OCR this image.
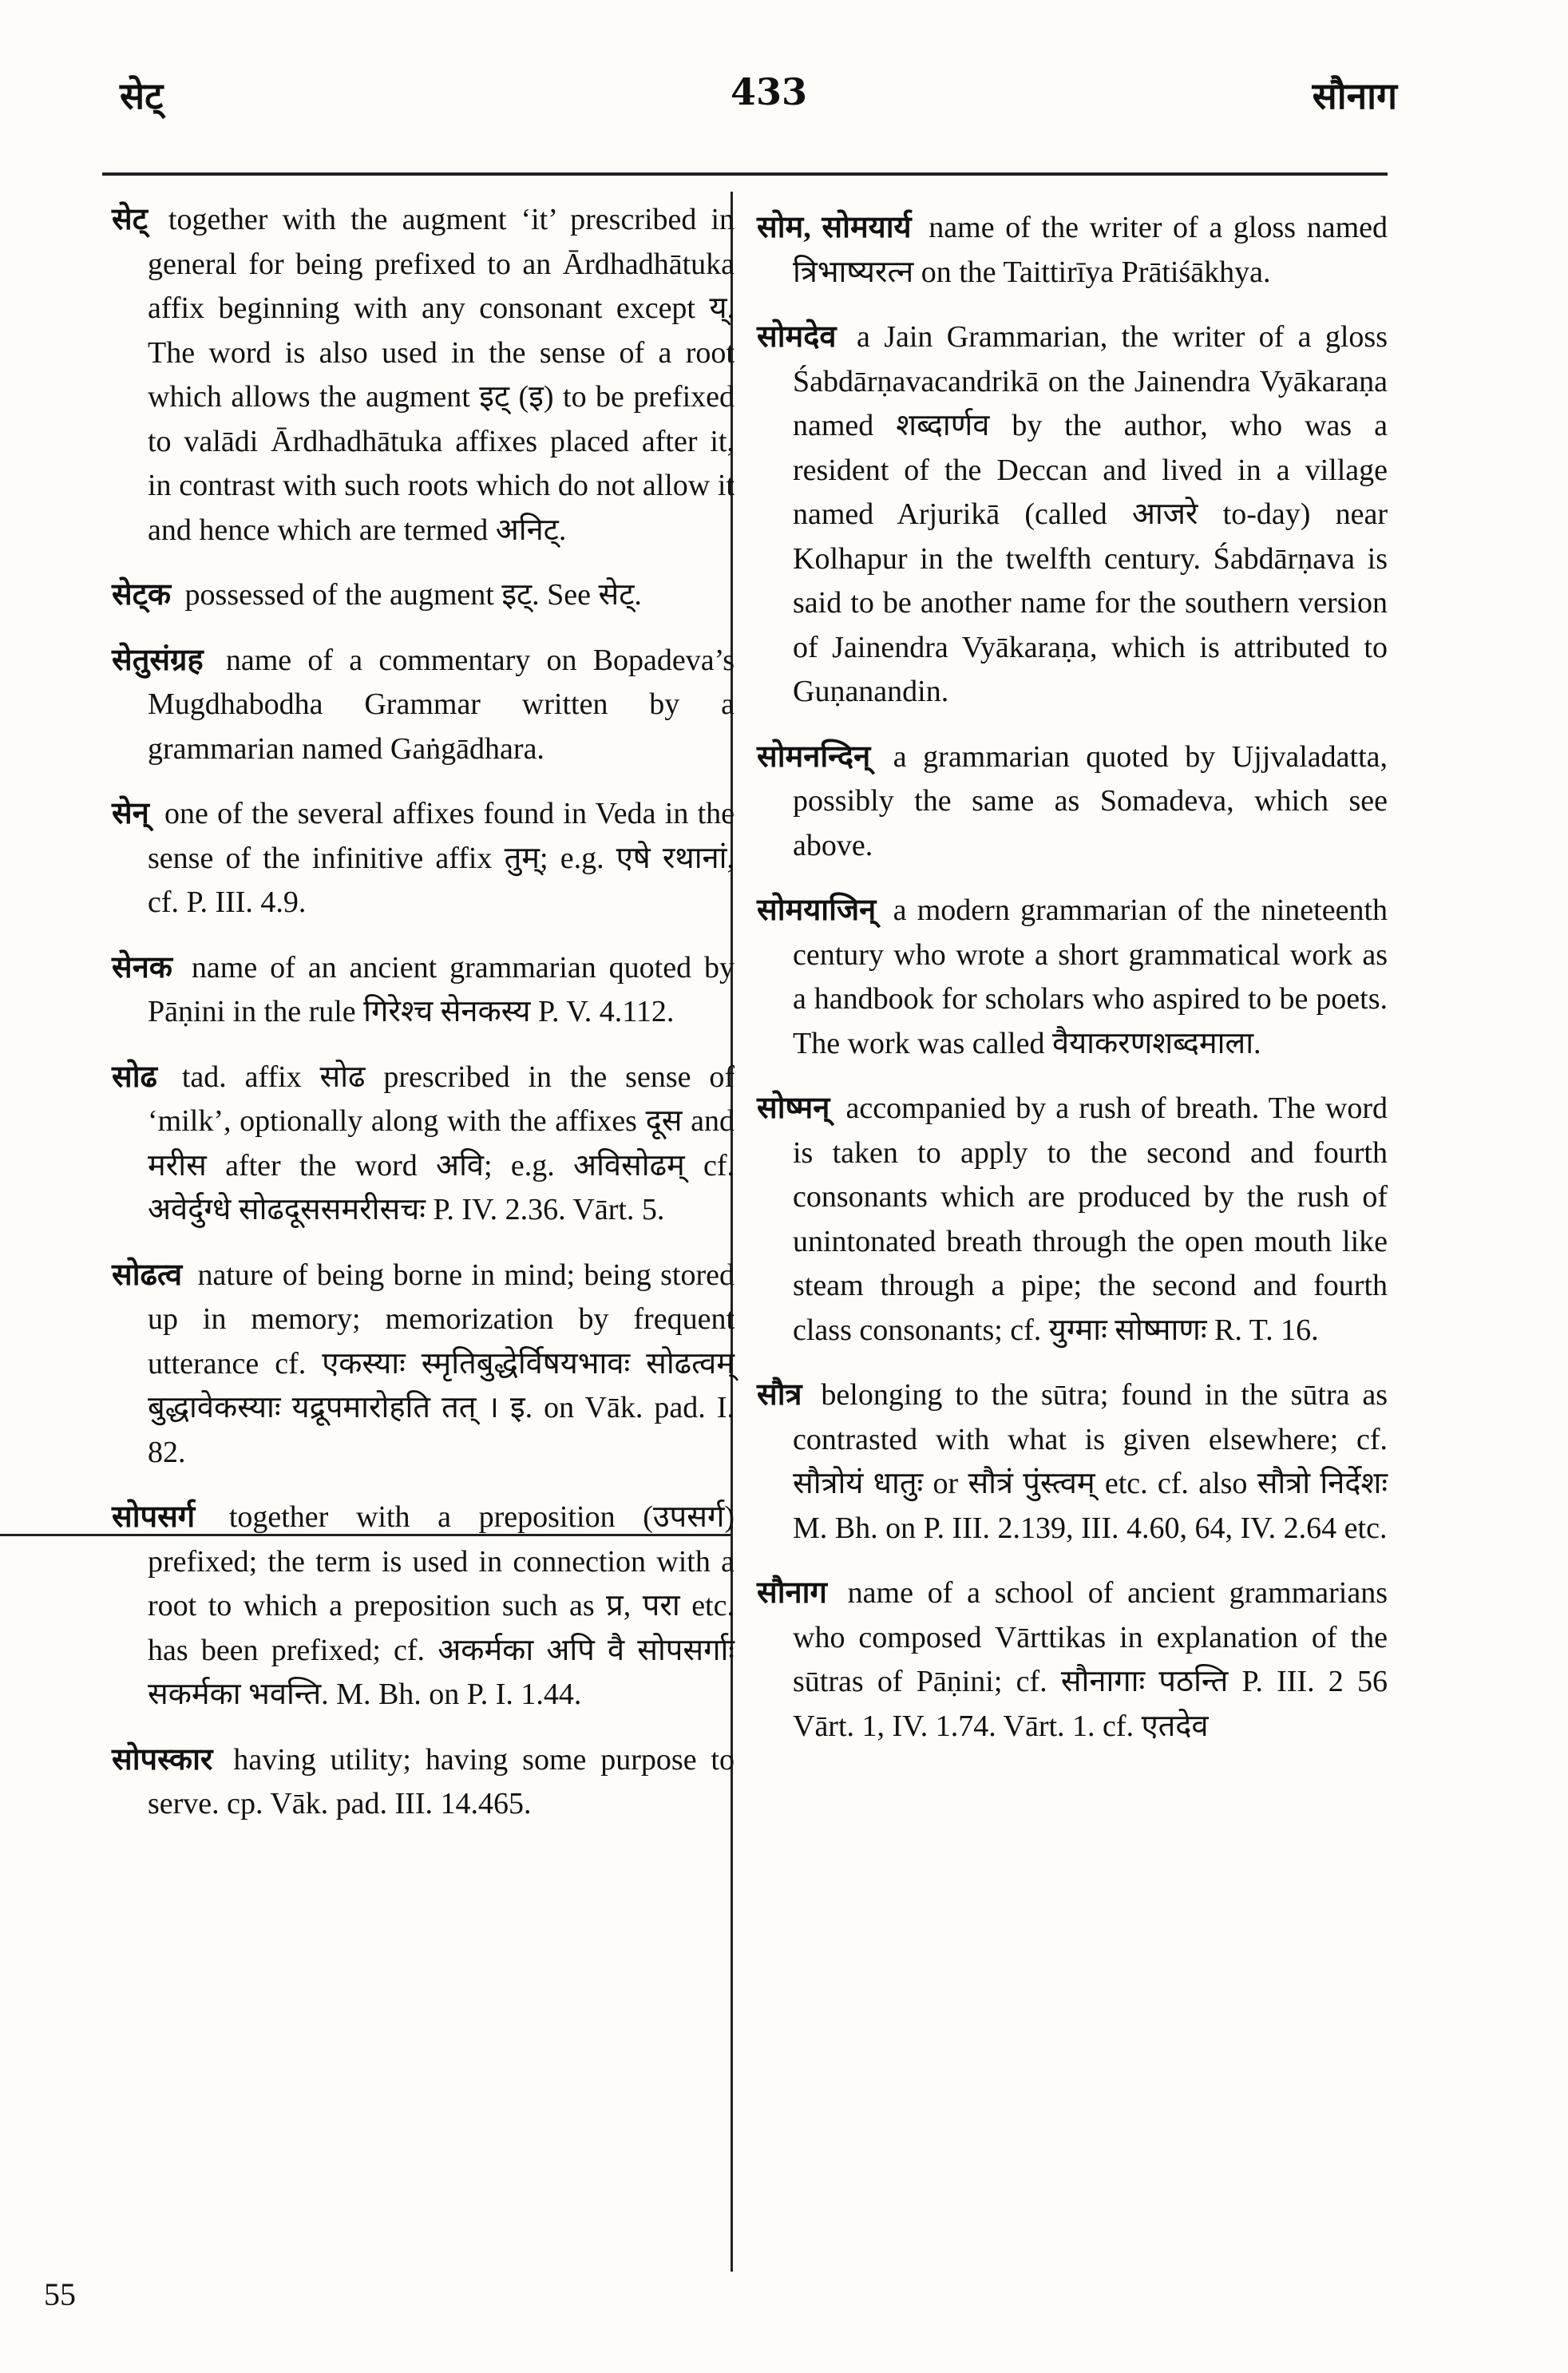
सेट्	433	सौनाग

सेट् together with the augment ‘it’ prescribed in general for being prefixed to an Ārdhadhātuka affix beginning with any consonant except य्. The word is also used in the sense of a root which allows the augment इट् (इ) to be prefixed to valādi Ārdhadhātuka affixes placed after it, in contrast with such roots which do not allow it and hence which are termed अनिट्.

सेट्क possessed of the augment इट्. See सेट्.

सेतुसंग्रह name of a commentary on Bopadeva’s Mugdhabodha Grammar written by a grammarian named Gaṅgādhara.

सेन् one of the several affixes found in Veda in the sense of the infinitive affix तुम्; e.g. एषे रथानां, cf. P. III. 4.9.

सेनक name of an ancient grammarian quoted by Pāṇini in the rule गिरेश्च सेनकस्य P. V. 4.112.

सोढ tad. affix सोढ prescribed in the sense of ‘milk’, optionally along with the affixes दूस and मरीस after the word अवि; e.g. अविसोढम् cf. अवेर्दुग्धे सोढदूससमरीसचः P. IV. 2.36. Vārt. 5.

सोढत्व nature of being borne in mind; being stored up in memory; memorization by frequent utterance cf. एकस्याः स्मृतिबुद्धेर्विषयभावः सोढत्वम् बुद्धावेकस्याः यद्रूपमारोहति तत् । इ. on Vāk. pad. I. 82.

सोपसर्ग together with a preposition (उपसर्ग) prefixed; the term is used in connection with a root to which a preposition such as प्र, परा etc. has been prefixed; cf. अकर्मका अपि वै सोपसर्गाः सकर्मका भवन्ति. M. Bh. on P. I. 1.44.

सोपस्कार having utility; having some purpose to serve. cp. Vāk. pad. III. 14.465.

सोम, सोमयार्य name of the writer of a gloss named त्रिभाष्यरत्न on the Taittirīya Prātiśākhya.

सोमदेव a Jain Grammarian, the writer of a gloss Śabdārṇavacandrikā on the Jainendra Vyākaraṇa named शब्दार्णव by the author, who was a resident of the Deccan and lived in a village named Arjurikā (called आजरे to-day) near Kolhapur in the twelfth century. Śabdārṇava is said to be another name for the southern version of Jainendra Vyākaraṇa, which is attributed to Guṇanandin.

सोमनन्दिन् a grammarian quoted by Ujjvaladatta, possibly the same as Somadeva, which see above.

सोमयाजिन् a modern grammarian of the nineteenth century who wrote a short grammatical work as a handbook for scholars who aspired to be poets. The work was called वैयाकरणशब्दमाला.

सोष्मन् accompanied by a rush of breath. The word is taken to apply to the second and fourth consonants which are produced by the rush of unintonated breath through the open mouth like steam through a pipe; the second and fourth class consonants; cf. युग्माः सोष्माणः R. T. 16.

सौत्र belonging to the sūtra; found in the sūtra as contrasted with what is given elsewhere; cf. सौत्रोयं धातुः or सौत्रं पुंस्त्वम् etc. cf. also सौत्रो निर्देशः M. Bh. on P. III. 2.139, III. 4.60, 64, IV. 2.64 etc.

सौनाग name of a school of ancient grammarians who composed Vārttikas in explanation of the sūtras of Pāṇini; cf. सौनागाः पठन्ति P. III. 2 56 Vārt. 1, IV. 1.74. Vārt. 1. cf. एतदेव

55
